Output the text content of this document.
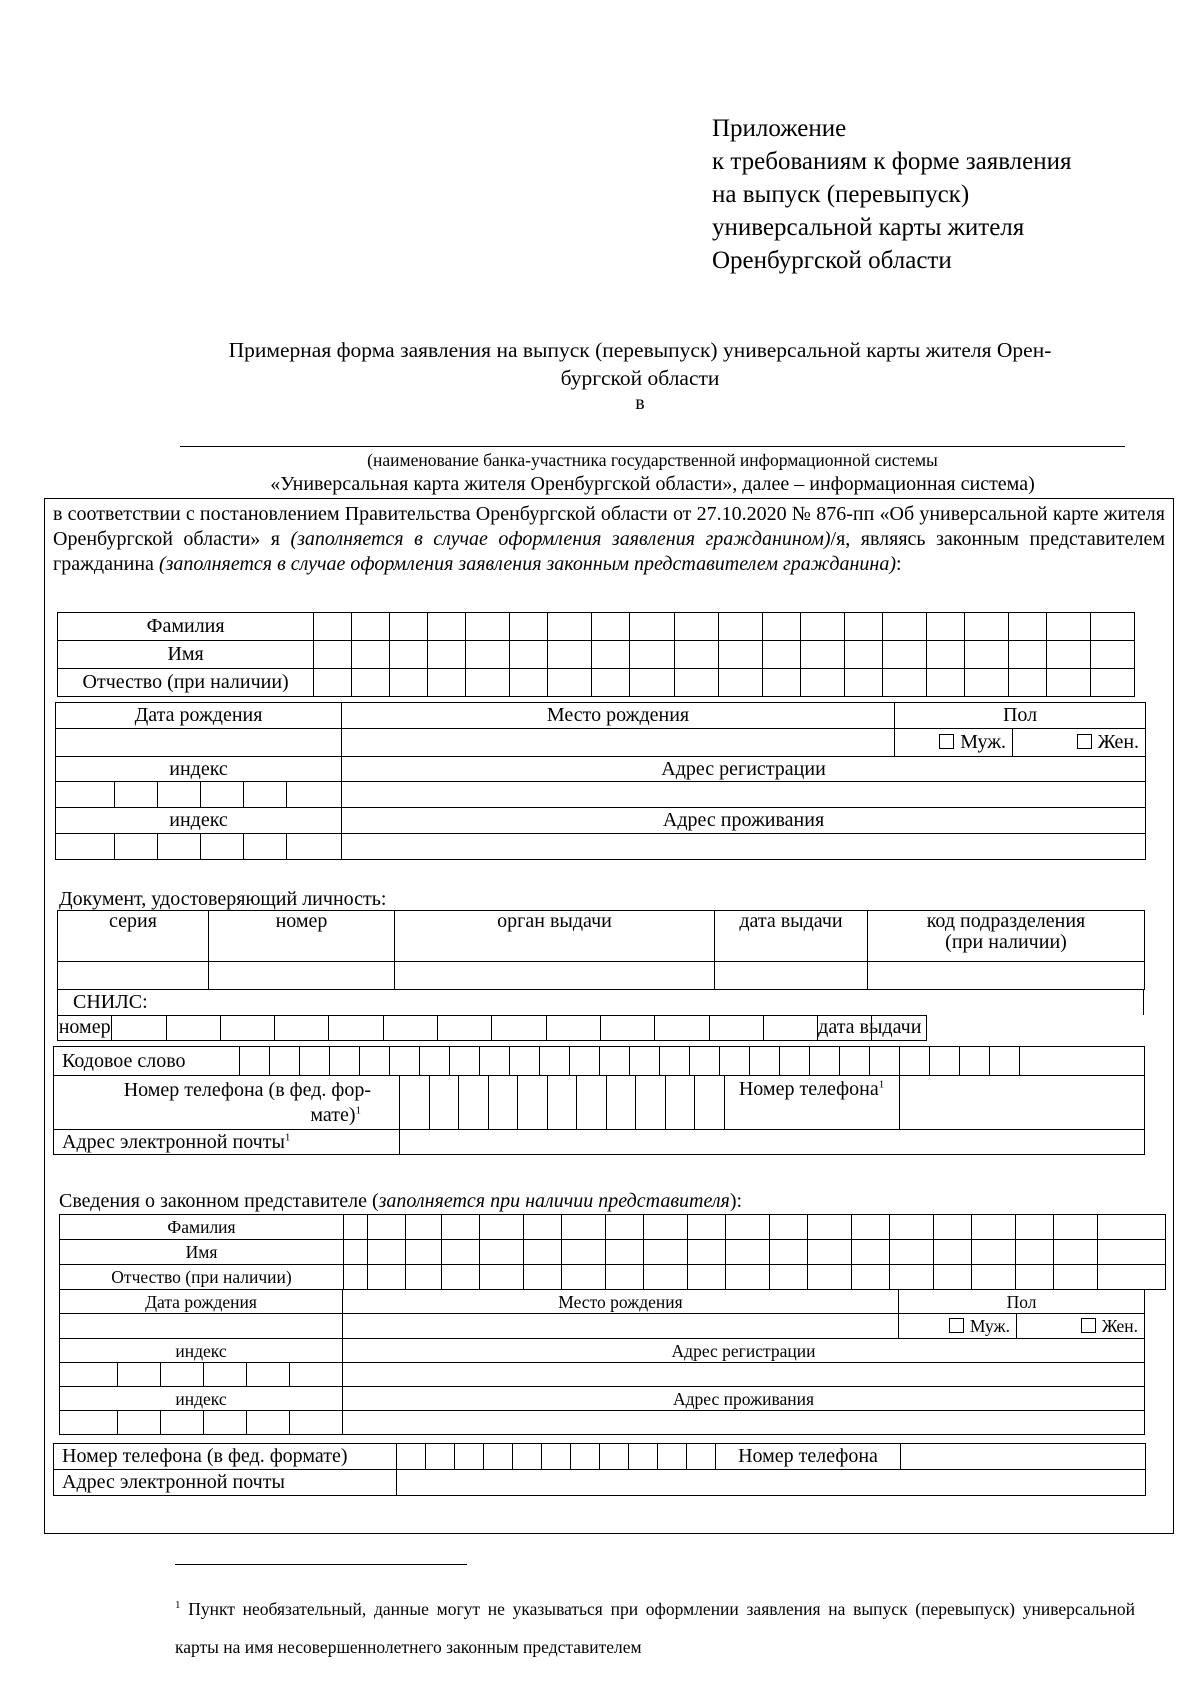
Приложение
к требованиям к форме заявления
на выпуск (перевыпуск)
универсальной карты жителя
Оренбургской области
Примерная форма заявления на выпуск (перевыпуск) универсальной карты жителя Орен-
бургской области
в
(наименование банка-участника государственной информационной системы
«Универсальная карта жителя Оренбургской области», далее – информационная система)
в соответствии с постановлением Правительства Оренбургской области от 27.10.2020 № 876-пп «Об универсальной карте жителя Оренбургской области» я (заполняется в случае оформления заявления гражданином)/я, являясь законным представителем гражданина (заполняется в случае оформления заявления законным представителем гражданина):
Фамилия																				
Имя																				
Отчество (при наличии)																				
Дата рождения						Место рождения	Пол	
							Муж.	Жен.
индекс						Адрес регистрации		

индекс						Адрес проживания		

Документ, удостоверяющий личность:
серия	номер	орган выдачи	дата выдачи	код подразделения
(при наличии)

СНИЛС:
номер														дата выдачи	
Кодовое слово																											
Номер телефона (в фед. фор-
мате)$^1$												Номер телефона$^1$	
Адрес электронной почты$^1$	
Сведения о законном представителе (заполняется при наличии представителя):
Фамилия																				
Имя																				
Отчество (при наличии)																				
Дата рождения						Место рождения	Пол	
							Муж.	Жен.
индекс						Адрес регистрации		

индекс						Адрес проживания		

Номер телефона (в фед. формате)												Номер телефона	
Адрес электронной почты													
$^1$ Пункт необязательный, данные могут не указываться при оформлении заявления на выпуск (перевыпуск) универсальной карты на имя несовершеннолетнего законным представителем
